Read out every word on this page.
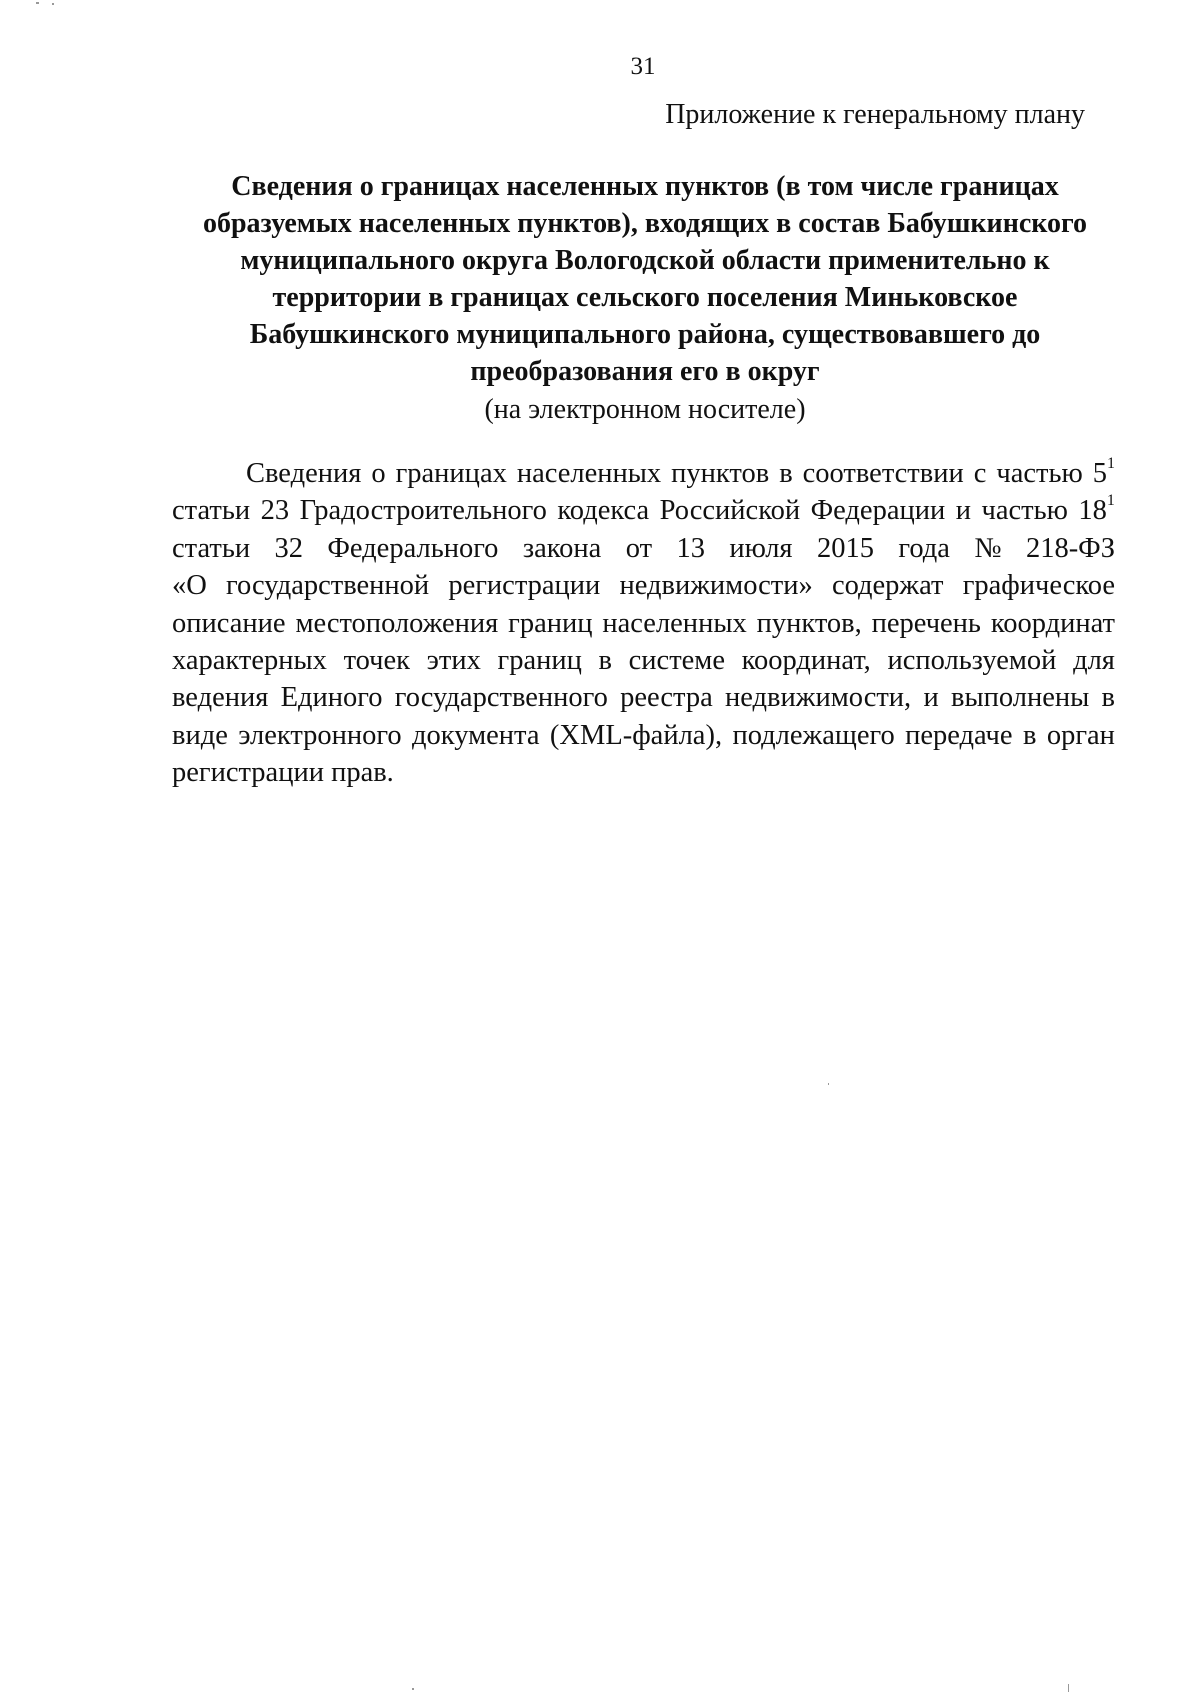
31
Приложение к генеральному плану
Сведения о границах населенных пунктов (в том числе границах
образуемых населенных пунктов), входящих в состав Бабушкинского
муниципального округа Вологодской области применительно к
территории в границах сельского поселения Миньковское
Бабушкинского муниципального района, существовавшего до
преобразования его в округ
(на электронном носителе)
Сведения о границах населенных пунктов в соответствии с частью $5^1$
статьи 23 Градостроительного кодекса Российской Федерации и частью $18^1$
статьи 32 Федерального закона от 13 июля 2015 года № 218-ФЗ
«О государственной регистрации недвижимости» содержат графическое
описание местоположения границ населенных пунктов, перечень координат
характерных точек этих границ в системе координат, используемой для
ведения Единого государственного реестра недвижимости, и выполнены в
виде электронного документа (XML-файла), подлежащего передаче в орган
регистрации прав.
